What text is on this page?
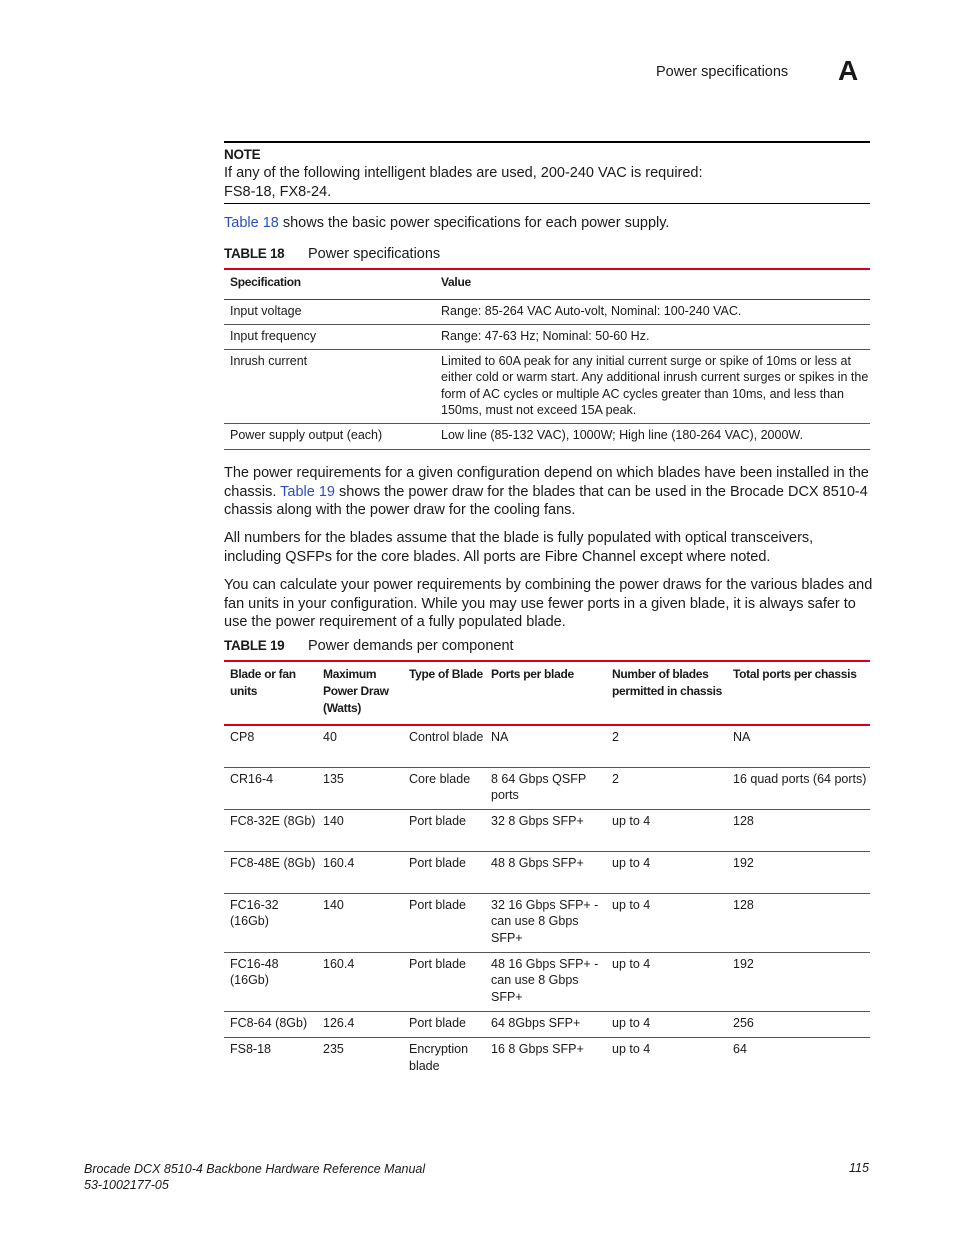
Power specifications A
NOTE
If any of the following intelligent blades are used, 200-240 VAC is required:
FS8-18, FX8-24.
Table 18 shows the basic power specifications for each power supply.
TABLE 18 Power specifications
Specification	Value
Input voltage	Range: 85-264 VAC Auto-volt, Nominal: 100-240 VAC.
Input frequency	Range: 47-63 Hz; Nominal: 50-60 Hz.
Inrush current	Limited to 60A peak for any initial current surge or spike of 10ms or less at either cold or warm start. Any additional inrush current surges or spikes in the form of AC cycles or multiple AC cycles greater than 10ms, and less than 150ms, must not exceed 15A peak.
Power supply output (each)	Low line (85-132 VAC), 1000W; High line (180-264 VAC), 2000W.
The power requirements for a given configuration depend on which blades have been installed in the chassis. Table 19 shows the power draw for the blades that can be used in the Brocade DCX 8510-4 chassis along with the power draw for the cooling fans.
All numbers for the blades assume that the blade is fully populated with optical transceivers, including QSFPs for the core blades. All ports are Fibre Channel except where noted.
You can calculate your power requirements by combining the power draws for the various blades and fan units in your configuration. While you may use fewer ports in a given blade, it is always safer to use the power requirement of a fully populated blade.
TABLE 19 Power demands per component
Blade or fan units	Maximum Power Draw (Watts)	Type of Blade	Ports per blade	Number of blades permitted in chassis	Total ports per chassis
CP8	40	Control blade	NA	2	NA
CR16-4	135	Core blade	8 64 Gbps QSFP ports	2	16 quad ports (64 ports)
FC8-32E (8Gb)	140	Port blade	32 8 Gbps SFP+	up to 4	128
FC8-48E (8Gb)	160.4	Port blade	48 8 Gbps SFP+	up to 4	192
FC16-32 (16Gb)	140	Port blade	32 16 Gbps SFP+ -can use 8 Gbps SFP+	up to 4	128
FC16-48 (16Gb)	160.4	Port blade	48 16 Gbps SFP+ -can use 8 Gbps SFP+	up to 4	192
FC8-64 (8Gb)	126.4	Port blade	64 8Gbps SFP+	up to 4	256
FS8-18	235	Encryption blade	16 8 Gbps SFP+	up to 4	64
Brocade DCX 8510-4 Backbone Hardware Reference Manual
53-1002177-05
115
